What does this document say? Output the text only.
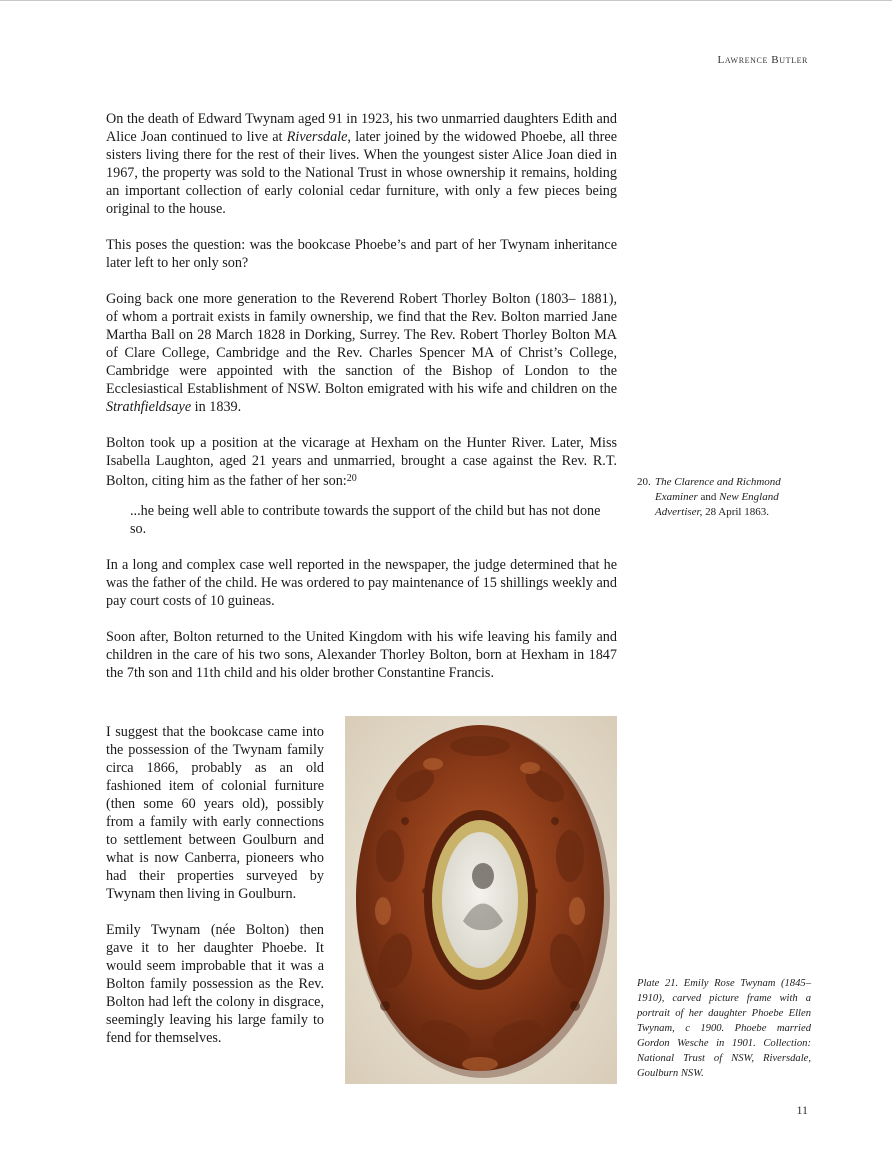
Lawrence Butler

On the death of Edward Twynam aged 91 in 1923, his two unmarried daughters Edith and Alice Joan continued to live at Riversdale, later joined by the widowed Phoebe, all three sisters living there for the rest of their lives. When the youngest sister Alice Joan died in 1967, the property was sold to the National Trust in whose ownership it remains, holding an important collection of early colonial cedar furniture, with only a few pieces being original to the house.

This poses the question: was the bookcase Phoebe’s and part of her Twynam inheritance later left to her only son?

Going back one more generation to the Reverend Robert Thorley Bolton (1803– 1881), of whom a portrait exists in family ownership, we find that the Rev. Bolton married Jane Martha Ball on 28 March 1828 in Dorking, Surrey. The Rev. Robert Thorley Bolton MA of Clare College, Cambridge and the Rev. Charles Spencer MA of Christ’s College, Cambridge were appointed with the sanction of the Bishop of London to the Ecclesiastical Establishment of NSW. Bolton emigrated with his wife and children on the Strathfieldsaye in 1839.

Bolton took up a position at the vicarage at Hexham on the Hunter River. Later, Miss Isabella Laughton, aged 21 years and unmarried, brought a case against the Rev. R.T. Bolton, citing him as the father of her son:$^{20}$

...he being well able to contribute towards the support of the child but has not done so.

In a long and complex case well reported in the newspaper, the judge determined that he was the father of the child. He was ordered to pay maintenance of 15 shillings weekly and pay court costs of 10 guineas.

Soon after, Bolton returned to the United Kingdom with his wife leaving his family and children in the care of his two sons, Alexander Thorley Bolton, born at Hexham in 1847 the 7th son and 11th child and his older brother Constantine Francis.

I suggest that the bookcase came into the possession of the Twynam family circa 1866, probably as an old fashioned item of colonial furniture (then some 60 years old), possibly from a family with early connections to settlement between Goulburn and what is now Canberra, pioneers who had their properties surveyed by Twynam then living in Goulburn.

Emily Twynam (née Bolton) then gave it to her daughter Phoebe. It would seem improbable that it was a Bolton family possession as the Rev. Bolton had left the colony in disgrace, seemingly leaving his large family to fend for themselves.

20. The Clarence and Richmond Examiner and New England Advertiser, 28 April 1863.
Plate 21. Emily Rose Twynam (1845–1910), carved picture frame with a portrait of her daughter Phoebe Ellen Twynam, c 1900. Phoebe married Gordon Wesche in 1901. Collection: National Trust of NSW, Riversdale, Goulburn NSW.
11
